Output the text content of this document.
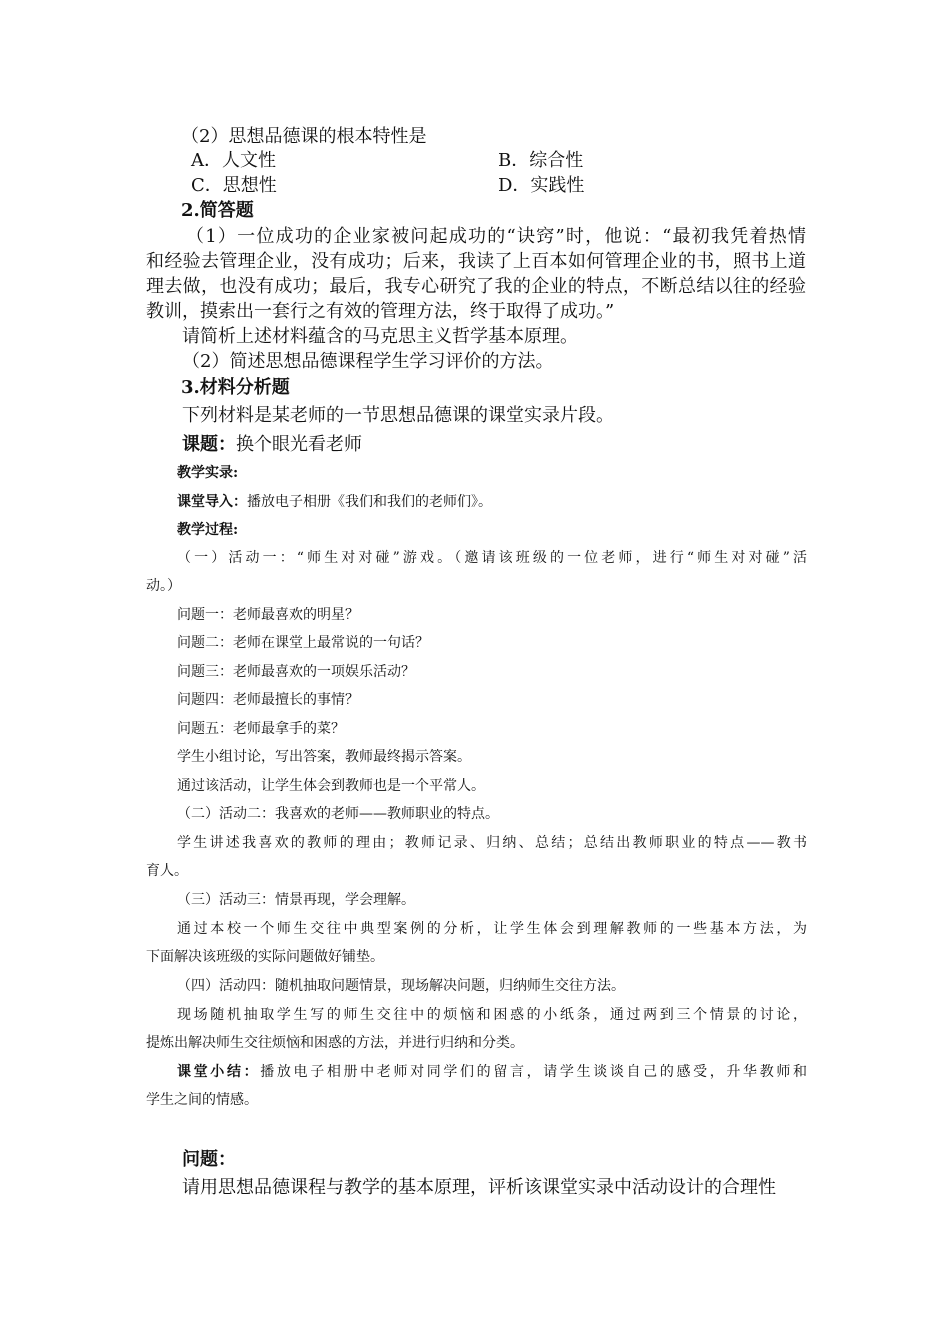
（2）思想品德课的根本特性是
A．人文性	B．综合性
C．思想性	D．实践性
2.简答题
（1）一位成功的企业家被问起成功的“诀窍”时，他说：“最初我凭着热情
和经验去管理企业，没有成功；后来，我读了上百本如何管理企业的书，照书上道
理去做，也没有成功；最后，我专心研究了我的企业的特点，不断总结以往的经验
教训，摸索出一套行之有效的管理方法，终于取得了成功。”
请简析上述材料蕴含的马克思主义哲学基本原理。
（2）简述思想品德课程学生学习评价的方法。
3.材料分析题
下列材料是某老师的一节思想品德课的课堂实录片段。
课题：换个眼光看老师
教学实录:
课堂导入：播放电子相册《我们和我们的老师们》。
教学过程:
（一）活动一：“师生对对碰”游戏。（邀请该班级的一位老师，进行“师生对对碰”活
动。）
问题一：老师最喜欢的明星？
问题二：老师在课堂上最常说的一句话？
问题三：老师最喜欢的一项娱乐活动？
问题四：老师最擅长的事情？
问题五：老师最拿手的菜？
学生小组讨论，写出答案，教师最终揭示答案。
通过该活动，让学生体会到教师也是一个平常人。
（二）活动二：我喜欢的老师——教师职业的特点。
学生讲述我喜欢的教师的理由；教师记录、归纳、总结；总结出教师职业的特点——教书
育人。
（三）活动三：情景再现，学会理解。
通过本校一个师生交往中典型案例的分析，让学生体会到理解教师的一些基本方法，为
下面解决该班级的实际问题做好铺垫。
（四）活动四：随机抽取问题情景，现场解决问题，归纳师生交往方法。
现场随机抽取学生写的师生交往中的烦恼和困惑的小纸条，通过两到三个情景的讨论，
提炼出解决师生交往烦恼和困惑的方法，并进行归纳和分类。
课堂小结：播放电子相册中老师对同学们的留言，请学生谈谈自己的感受，升华教师和
学生之间的情感。
问题：
请用思想品德课程与教学的基本原理，评析该课堂实录中活动设计的合理性
